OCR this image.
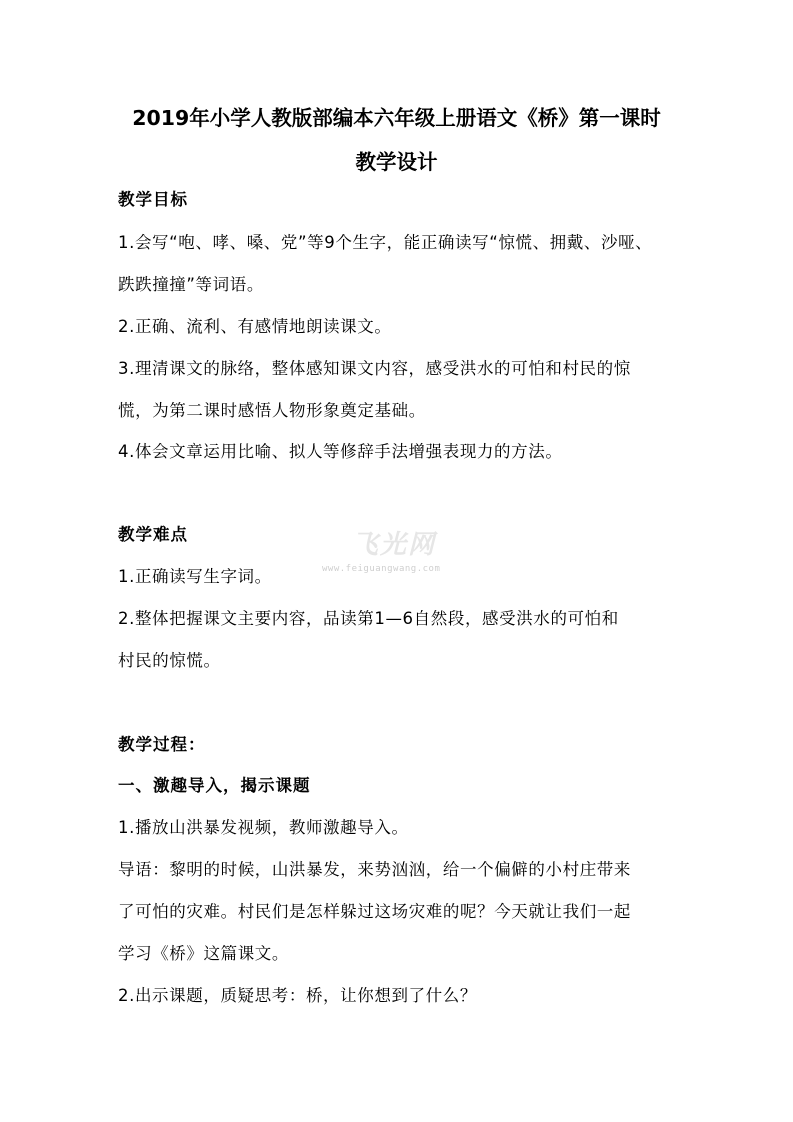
2019年小学人教版部编本六年级上册语文《桥》第一课时
教学设计
教学目标
1.会写“咆、哮、嗓、党”等9个生字，能正确读写“惊慌、拥戴、沙哑、
跌跌撞撞”等词语。
2.正确、流利、有感情地朗读课文。
3.理清课文的脉络，整体感知课文内容，感受洪水的可怕和村民的惊
慌，为第二课时感悟人物形象奠定基础。
4.体会文章运用比喻、拟人等修辞手法增强表现力的方法。
教学难点
1.正确读写生字词。
2.整体把握课文主要内容，品读第1—6自然段，感受洪水的可怕和
村民的惊慌。
教学过程：
一、激趣导入，揭示课题
1.播放山洪暴发视频，教师激趣导入。
导语：黎明的时候，山洪暴发，来势汹汹，给一个偏僻的小村庄带来
了可怕的灾难。村民们是怎样躲过这场灾难的呢？今天就让我们一起
学习《桥》这篇课文。
2.出示课题，质疑思考：桥，让你想到了什么？
飞光网
www.feiguangwang.com
